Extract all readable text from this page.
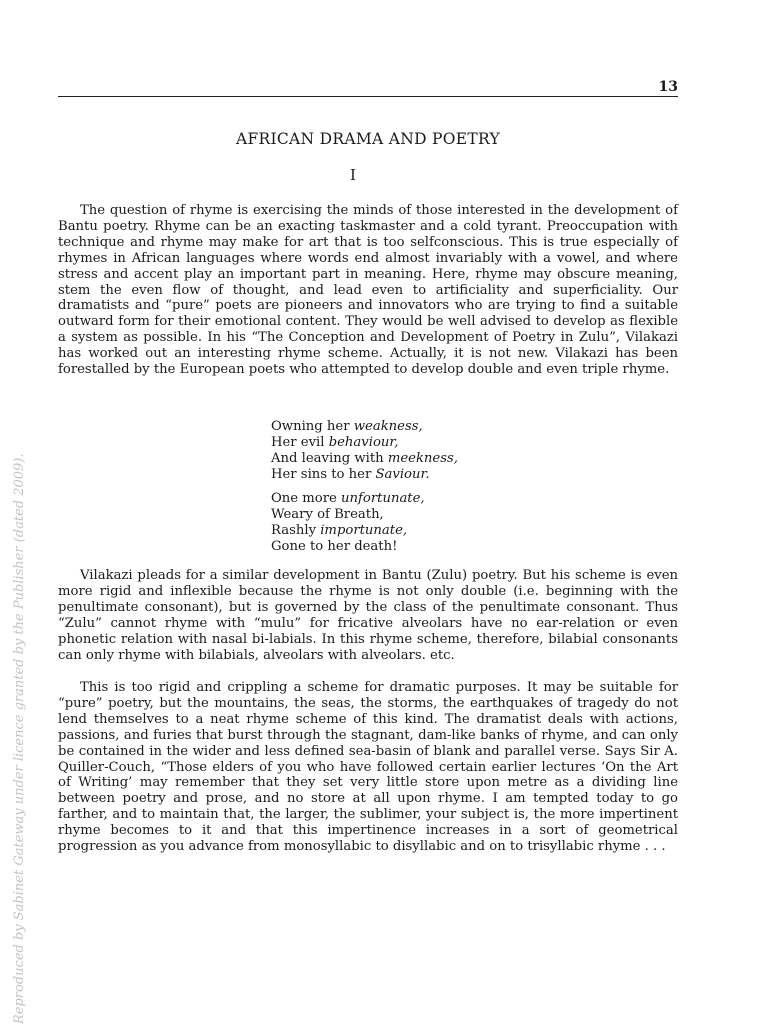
13
AFRICAN DRAMA AND POETRY
I

The question of rhyme is exercising the minds of those interested in the development of Bantu poetry. Rhyme can be an exacting taskmaster and a cold tyrant. Preoccupation with technique and rhyme may make for art that is too selfconscious. This is true especially of rhymes in African languages where words end almost invariably with a vowel, and where stress and accent play an important part in meaning. Here, rhyme may obscure meaning, stem the even flow of thought, and lead even to artificiality and superficiality. Our dramatists and “pure” poets are pioneers and innovators who are trying to find a suitable outward form for their emotional content. They would be well advised to develop as flexible a system as possible. In his “The Conception and Development of Poetry in Zulu”, Vilakazi has worked out an interesting rhyme scheme. Actually, it is not new. Vilakazi has been forestalled by the European poets who attempted to develop double and even triple rhyme.

Owning her weakness,
Her evil behaviour,
And leaving with meekness,
Her sins to her Saviour.
One more unfortunate,
Weary of Breath,
Rashly importunate,
Gone to her death!

Vilakazi pleads for a similar development in Bantu (Zulu) poetry. But his scheme is even more rigid and inflexible because the rhyme is not only double (i.e. beginning with the penultimate consonant), but is governed by the class of the penultimate consonant. Thus “Zulu” cannot rhyme with “mulu” for fricative alveolars have no ear-relation or even phonetic relation with nasal bi-labials. In this rhyme scheme, therefore, bilabial consonants can only rhyme with bilabials, alveolars with alveolars. etc.

This is too rigid and crippling a scheme for dramatic purposes. It may be suitable for “pure” poetry, but the mountains, the seas, the storms, the earthquakes of tragedy do not lend themselves to a neat rhyme scheme of this kind. The dramatist deals with actions, passions, and furies that burst through the stagnant, dam-like banks of rhyme, and can only be contained in the wider and less defined sea-basin of blank and parallel verse. Says Sir A. Quiller-Couch, “Those elders of you who have followed certain earlier lectures ‘On the Art of Writing’ may remember that they set very little store upon metre as a dividing line between poetry and prose, and no store at all upon rhyme. I am tempted today to go farther, and to maintain that, the larger, the sublimer, your subject is, the more impertinent rhyme becomes to it and that this impertinence increases in a sort of geometrical progression as you advance from monosyllabic to disyllabic and on to trisyllabic rhyme . . .

Reproduced by Sabinet Gateway under licence granted by the Publisher (dated 2009).
